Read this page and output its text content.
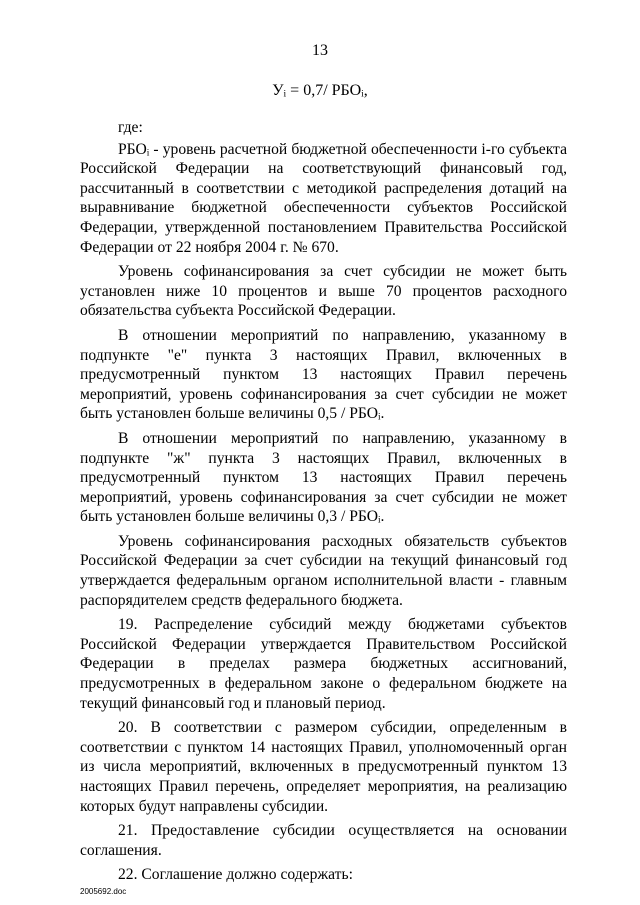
13
Уᵢ = 0,7/ РБОᵢ,

где:

РБОᵢ - уровень расчетной бюджетной обеспеченности i-го субъекта Российской Федерации на соответствующий финансовый год, рассчитанный в соответствии с методикой распределения дотаций на выравнивание бюджетной обеспеченности субъектов Российской Федерации, утвержденной постановлением Правительства Российской Федерации от 22 ноября 2004 г. № 670.

Уровень софинансирования за счет субсидии не может быть установлен ниже 10 процентов и выше 70 процентов расходного обязательства субъекта Российской Федерации.

В отношении мероприятий по направлению, указанному в подпункте "е" пункта 3 настоящих Правил, включенных в предусмотренный пунктом 13 настоящих Правил перечень мероприятий, уровень софинансирования за счет субсидии не может быть установлен больше величины 0,5 / РБОᵢ.

В отношении мероприятий по направлению, указанному в подпункте "ж" пункта 3 настоящих Правил, включенных в предусмотренный пунктом 13 настоящих Правил перечень мероприятий, уровень софинансирования за счет субсидии не может быть установлен больше величины 0,3 / РБОᵢ.

Уровень софинансирования расходных обязательств субъектов Российской Федерации за счет субсидии на текущий финансовый год утверждается федеральным органом исполнительной власти - главным распорядителем средств федерального бюджета.

19. Распределение субсидий между бюджетами субъектов Российской Федерации утверждается Правительством Российской Федерации в пределах размера бюджетных ассигнований, предусмотренных в федеральном законе о федеральном бюджете на текущий финансовый год и плановый период.

20. В соответствии с размером субсидии, определенным в соответствии с пунктом 14 настоящих Правил, уполномоченный орган из числа мероприятий, включенных в предусмотренный пунктом 13 настоящих Правил перечень, определяет мероприятия, на реализацию которых будут направлены субсидии.

21. Предоставление субсидии осуществляется на основании соглашения.

22. Соглашение должно содержать:

2005692.doc
